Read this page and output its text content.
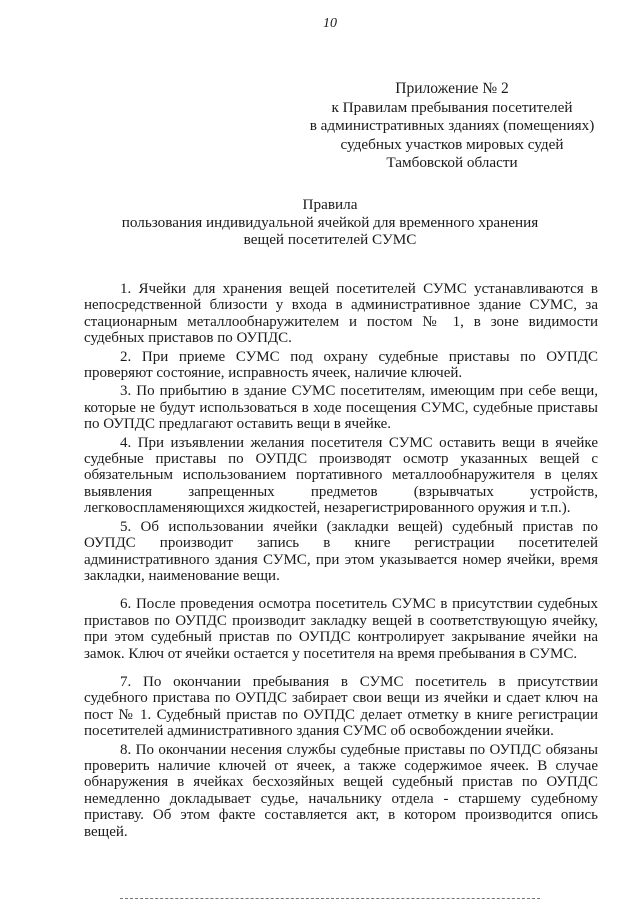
10
Приложение № 2
к Правилам пребывания посетителей
в административных зданиях (помещениях)
судебных участков мировых судей
Тамбовской области
Правила
пользования индивидуальной ячейкой для временного хранения
вещей посетителей СУМС

1. Ячейки для хранения вещей посетителей СУМС устанавливаются в непосредственной близости у входа в административное здание СУМС, за стационарным металлообнаружителем и постом № 1, в зоне видимости судебных приставов по ОУПДС.

2. При приеме СУМС под охрану судебные приставы по ОУПДС проверяют состояние, исправность ячеек, наличие ключей.

3. По прибытию в здание СУМС посетителям, имеющим при себе вещи, которые не будут использоваться в ходе посещения СУМС, судебные приставы по ОУПДС предлагают оставить вещи в ячейке.

4. При изъявлении желания посетителя СУМС оставить вещи в ячейке судебные приставы по ОУПДС производят осмотр указанных вещей с обязательным использованием портативного металлообнаружителя в целях выявления запрещенных предметов (взрывчатых устройств, легковоспламеняющихся жидкостей, незарегистрированного оружия и т.п.).

5. Об использовании ячейки (закладки вещей) судебный пристав по ОУПДС производит запись в книге регистрации посетителей административного здания СУМС, при этом указывается номер ячейки, время закладки, наименование вещи.

6. После проведения осмотра посетитель СУМС в присутствии судебных приставов по ОУПДС производит закладку вещей в соответствующую ячейку, при этом судебный пристав по ОУПДС контролирует закрывание ячейки на замок. Ключ от ячейки остается у посетителя на время пребывания в СУМС.

7. По окончании пребывания в СУМС посетитель в присутствии судебного пристава по ОУПДС забирает свои вещи из ячейки и сдает ключ на пост № 1. Судебный пристав по ОУПДС делает отметку в книге регистрации посетителей административного здания СУМС об освобождении ячейки.

8. По окончании несения службы судебные приставы по ОУПДС обязаны проверить наличие ключей от ячеек, а также содержимое ячеек. В случае обнаружения в ячейках бесхозяйных вещей судебный пристав по ОУПДС немедленно докладывает судье, начальнику отдела - старшему судебному приставу. Об этом факте составляется акт, в котором производится опись вещей.
